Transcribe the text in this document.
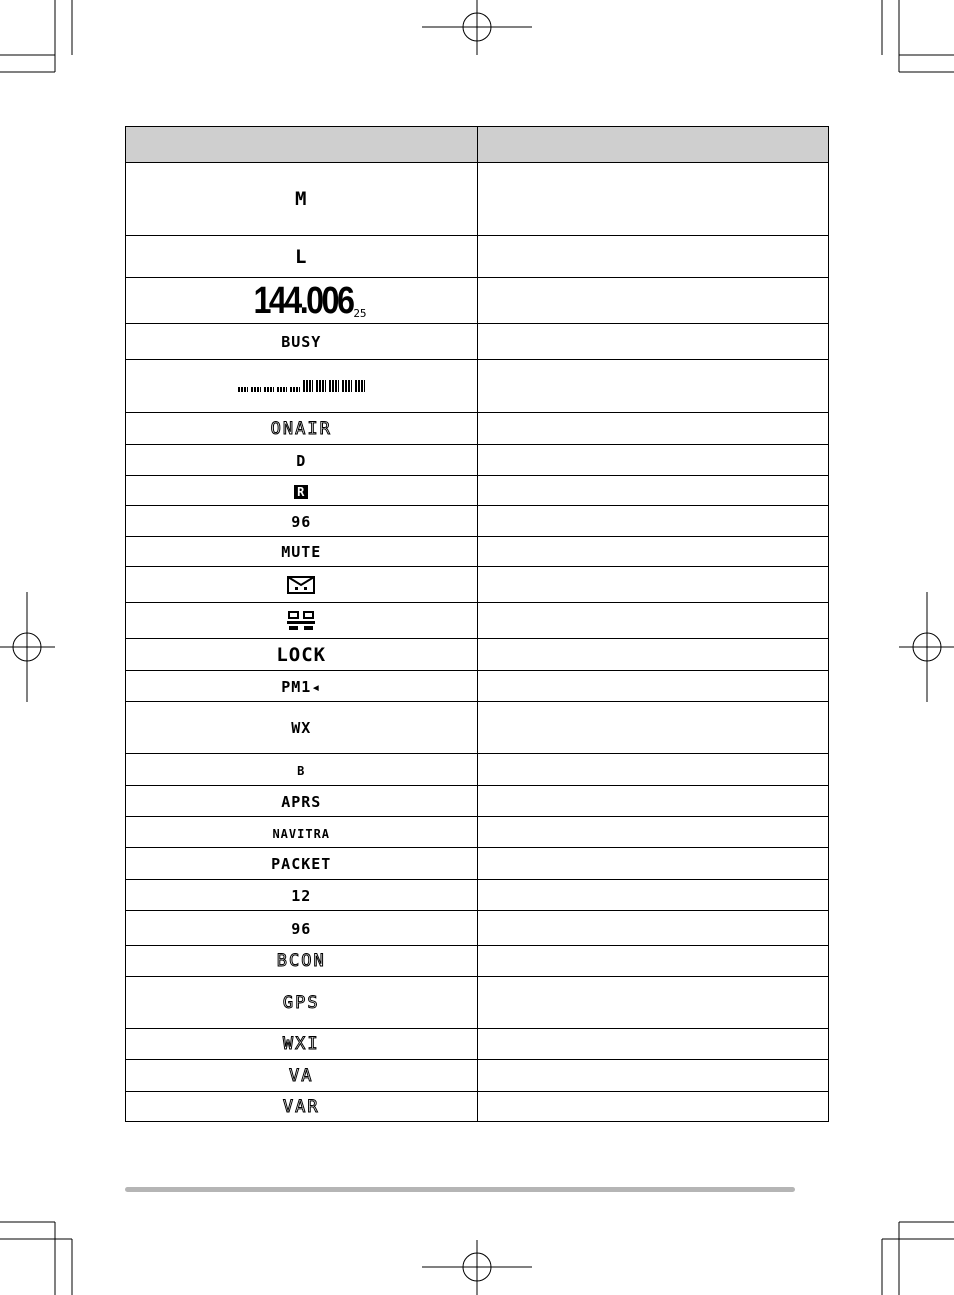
M	
L	

144.006 25	

BUSY	

ONAIR	
D	
R	
96	
MUTE	

LOCK	
PM1◂	
WX	
B	
APRS	
NAVITRA	
PACKET	
12	
96	
BCON	
GPS	
WXI	
VA	
VAR	
